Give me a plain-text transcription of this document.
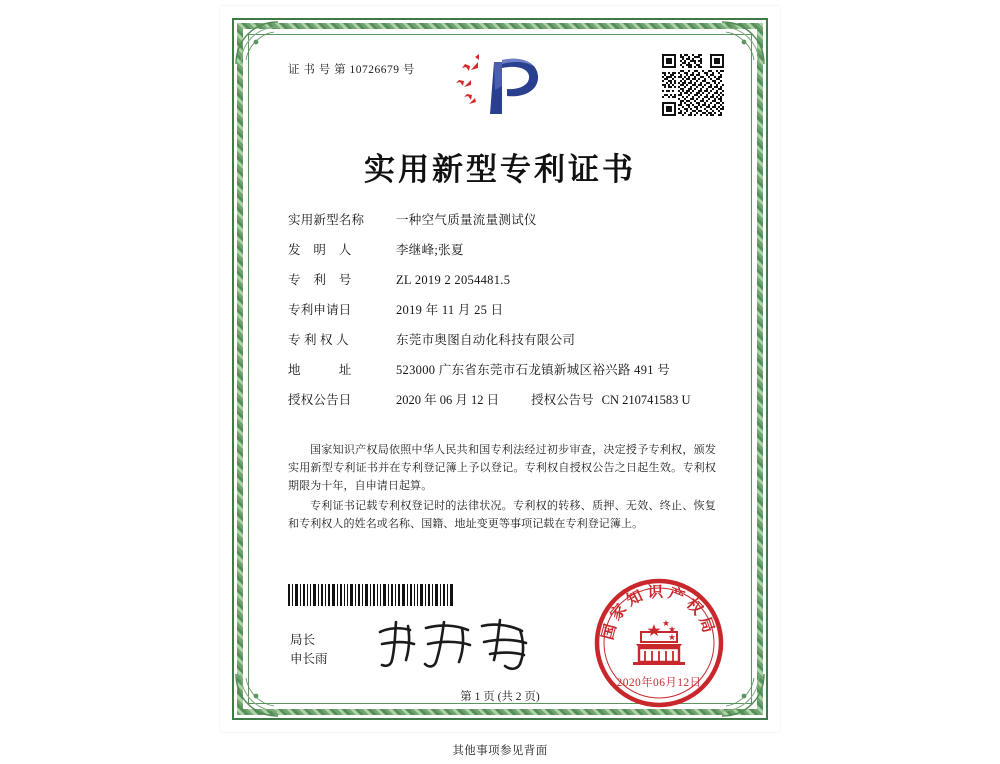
证 书 号 第 10726679 号
实用新型专利证书
实用新型名称	一种空气质量流量测试仪
发　明　人	李继峰;张夏
专　利　号	ZL 2019 2 2054481.5
专利申请日	2019 年 11 月 25 日
专 利 权 人	东莞市奥图自动化科技有限公司
地　　　址	523000 广东省东莞市石龙镇新城区裕兴路 491 号
授权公告日	2020 年 06 月 12 日	授权公告号 CN 210741583 U

国家知识产权局依照中华人民共和国专利法经过初步审查，决定授予专利权，颁发实用新型专利证书并在专利登记簿上予以登记。专利权自授权公告之日起生效。专利权期限为十年，自申请日起算。

专利证书记载专利权登记时的法律状况。专利权的转移、质押、无效、终止、恢复和专利权人的姓名或名称、国籍、地址变更等事项记载在专利登记簿上。

局长
申长雨
国家知识产权局
2020年06月12日
第 1 页 (共 2 页)
其他事项参见背面
